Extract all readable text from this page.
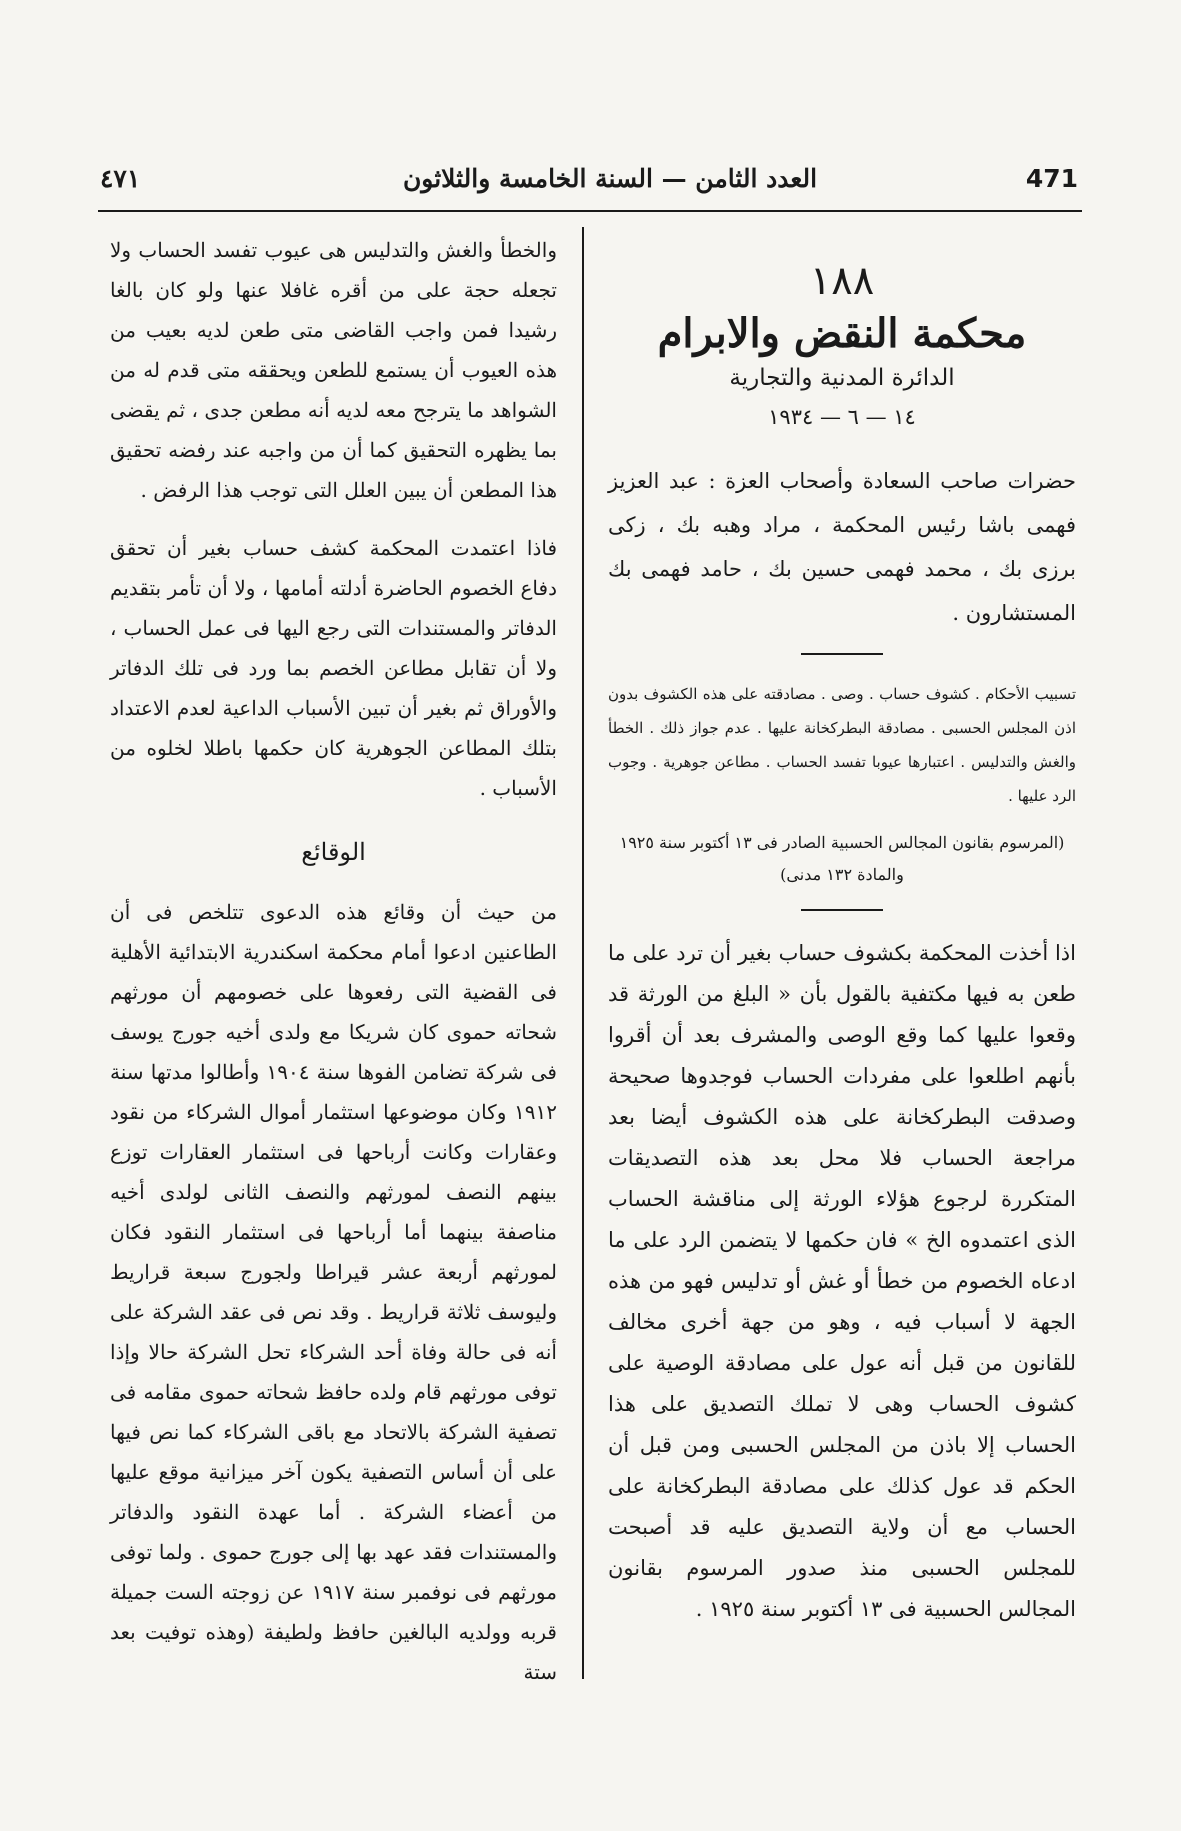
٤٧١	العدد الثامن — السنة الخامسة والثلاثون	471
١٨٨
محكمة النقض والابرام
الدائرة المدنية والتجارية
١٤ — ٦ — ١٩٣٤

حضرات صاحب السعادة وأصحاب العزة : عبد العزيز فهمى باشا رئيس المحكمة ، مراد وهبه بك ، زكى برزى بك ، محمد فهمى حسين بك ، حامد فهمى بك المستشارون .

تسبيب الأحكام . كشوف حساب . وصى . مصادقته على هذه الكشوف بدون اذن المجلس الحسبى . مصادقة البطركخانة عليها . عدم جواز ذلك . الخطأ والغش والتدليس . اعتبارها عيوبا تفسد الحساب . مطاعن جوهرية . وجوب الرد عليها .

(المرسوم بقانون المجالس الحسبية الصادر فى ١٣ أكتوبر سنة ١٩٢٥ والمادة ١٣٢ مدنى)

اذا أخذت المحكمة بكشوف حساب بغير أن ترد على ما طعن به فيها مكتفية بالقول بأن « البلغ من الورثة قد وقعوا عليها كما وقع الوصى والمشرف بعد أن أقروا بأنهم اطلعوا على مفردات الحساب فوجدوها صحيحة وصدقت البطركخانة على هذه الكشوف أيضا بعد مراجعة الحساب فلا محل بعد هذه التصديقات المتكررة لرجوع هؤلاء الورثة إلى مناقشة الحساب الذى اعتمدوه الخ » فان حكمها لا يتضمن الرد على ما ادعاه الخصوم من خطأ أو غش أو تدليس فهو من هذه الجهة لا أسباب فيه ، وهو من جهة أخرى مخالف للقانون من قبل أنه عول على مصادقة الوصية على كشوف الحساب وهى لا تملك التصديق على هذا الحساب إلا باذن من المجلس الحسبى ومن قبل أن الحكم قد عول كذلك على مصادقة البطركخانة على الحساب مع أن ولاية التصديق عليه قد أصبحت للمجلس الحسبى منذ صدور المرسوم بقانون المجالس الحسبية فى ١٣ أكتوبر سنة ١٩٢٥ .

والخطأ والغش والتدليس هى عيوب تفسد الحساب ولا تجعله حجة على من أقره غافلا عنها ولو كان بالغا رشيدا فمن واجب القاضى متى طعن لديه بعيب من هذه العيوب أن يستمع للطعن ويحققه متى قدم له من الشواهد ما يترجح معه لديه أنه مطعن جدى ، ثم يقضى بما يظهره التحقيق كما أن من واجبه عند رفضه تحقيق هذا المطعن أن يبين العلل التى توجب هذا الرفض .

فاذا اعتمدت المحكمة كشف حساب بغير أن تحقق دفاع الخصوم الحاضرة أدلته أمامها ، ولا أن تأمر بتقديم الدفاتر والمستندات التى رجع اليها فى عمل الحساب ، ولا أن تقابل مطاعن الخصم بما ورد فى تلك الدفاتر والأوراق ثم بغير أن تبين الأسباب الداعية لعدم الاعتداد بتلك المطاعن الجوهرية كان حكمها باطلا لخلوه من الأسباب .

الوقائع

من حيث أن وقائع هذه الدعوى تتلخص فى أن الطاعنين ادعوا أمام محكمة اسكندرية الابتدائية الأهلية فى القضية التى رفعوها على خصومهم أن مورثهم شحاته حموى كان شريكا مع ولدى أخيه جورج يوسف فى شركة تضامن الفوها سنة ١٩٠٤ وأطالوا مدتها سنة ١٩١٢ وكان موضوعها استثمار أموال الشركاء من نقود وعقارات وكانت أرباحها فى استثمار العقارات توزع بينهم النصف لمورثهم والنصف الثانى لولدى أخيه مناصفة بينهما أما أرباحها فى استثمار النقود فكان لمورثهم أربعة عشر قيراطا ولجورج سبعة قراريط وليوسف ثلاثة قراريط . وقد نص فى عقد الشركة على أنه فى حالة وفاة أحد الشركاء تحل الشركة حالا وإذا توفى مورثهم قام ولده حافظ شحاته حموى مقامه فى تصفية الشركة بالاتحاد مع باقى الشركاء كما نص فيها على أن أساس التصفية يكون آخر ميزانية موقع عليها من أعضاء الشركة . أما عهدة النقود والدفاتر والمستندات فقد عهد بها إلى جورج حموى . ولما توفى مورثهم فى نوفمبر سنة ١٩١٧ عن زوجته الست جميلة قربه وولديه البالغين حافظ ولطيفة (وهذه توفيت بعد ستة
